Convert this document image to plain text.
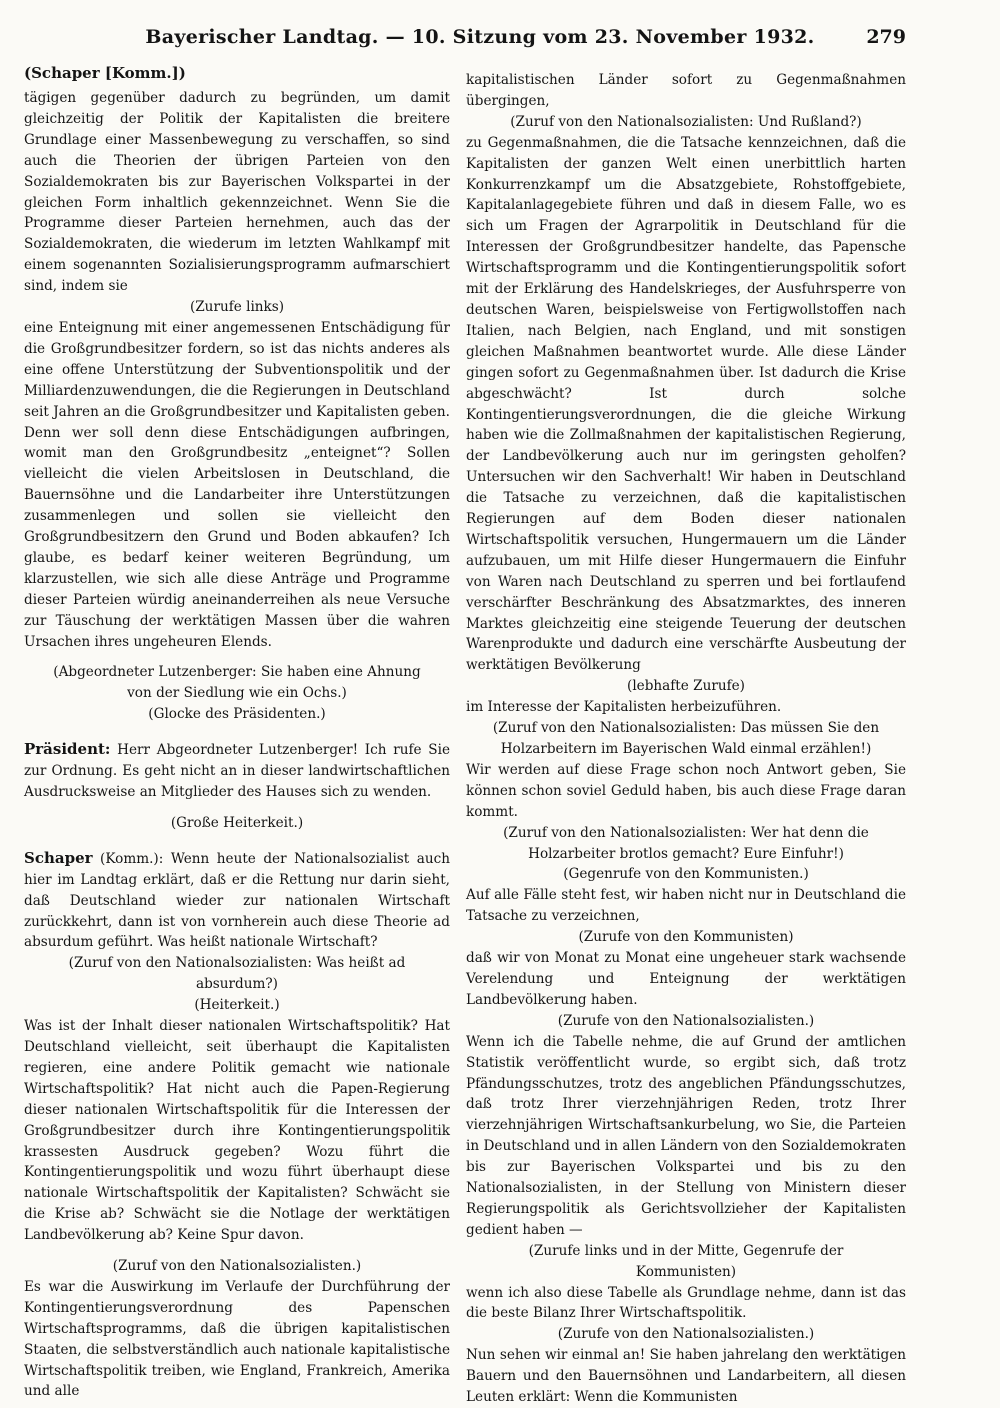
Bayerischer Landtag. — 10. Sitzung vom 23. November 1932.	279

(Schaper [Komm.])

tägigen gegenüber dadurch zu begründen, um damit gleichzeitig der Politik der Kapitalisten die breitere Grundlage einer Massenbewegung zu verschaffen, so sind auch die Theorien der übrigen Parteien von den Sozialdemokraten bis zur Bayerischen Volkspartei in der gleichen Form inhaltlich gekennzeichnet. Wenn Sie die Programme dieser Parteien hernehmen, auch das der Sozialdemokraten, die wiederum im letzten Wahlkampf mit einem sogenannten Sozialisierungsprogramm aufmarschiert sind, indem sie

(Zurufe links)

eine Enteignung mit einer angemessenen Entschädigung für die Großgrundbesitzer fordern, so ist das nichts anderes als eine offene Unterstützung der Subventionspolitik und der Milliardenzuwendungen, die die Regierungen in Deutschland seit Jahren an die Großgrundbesitzer und Kapitalisten geben. Denn wer soll denn diese Entschädigungen aufbringen, womit man den Großgrundbesitz „enteignet“? Sollen vielleicht die vielen Arbeitslosen in Deutschland, die Bauernsöhne und die Landarbeiter ihre Unterstützungen zusammenlegen und sollen sie vielleicht den Großgrundbesitzern den Grund und Boden abkaufen? Ich glaube, es bedarf keiner weiteren Begründung, um klarzustellen, wie sich alle diese Anträge und Programme dieser Parteien würdig aneinanderreihen als neue Versuche zur Täuschung der werktätigen Massen über die wahren Ursachen ihres ungeheuren Elends.

(Abgeordneter Lutzenberger: Sie haben eine Ahnung von der Siedlung wie ein Ochs.)

(Glocke des Präsidenten.)

Präsident: Herr Abgeordneter Lutzenberger! Ich rufe Sie zur Ordnung. Es geht nicht an in dieser landwirtschaftlichen Ausdrucksweise an Mitglieder des Hauses sich zu wenden.

(Große Heiterkeit.)

Schaper (Komm.): Wenn heute der Nationalsozialist auch hier im Landtag erklärt, daß er die Rettung nur darin sieht, daß Deutschland wieder zur nationalen Wirtschaft zurückkehrt, dann ist von vornherein auch diese Theorie ad absurdum geführt. Was heißt nationale Wirtschaft?

(Zuruf von den Nationalsozialisten: Was heißt ad absurdum?)

(Heiterkeit.)

Was ist der Inhalt dieser nationalen Wirtschaftspolitik? Hat Deutschland vielleicht, seit überhaupt die Kapitalisten regieren, eine andere Politik gemacht wie nationale Wirtschaftspolitik? Hat nicht auch die Papen-Regierung dieser nationalen Wirtschaftspolitik für die Interessen der Großgrundbesitzer durch ihre Kontingentierungspolitik krassesten Ausdruck gegeben? Wozu führt die Kontingentierungspolitik und wozu führt überhaupt diese nationale Wirtschaftspolitik der Kapitalisten? Schwächt sie die Krise ab? Schwächt sie die Notlage der werktätigen Landbevölkerung ab? Keine Spur davon.

(Zuruf von den Nationalsozialisten.)

Es war die Auswirkung im Verlaufe der Durchführung der Kontingentierungsverordnung des Papenschen Wirtschaftsprogramms, daß die übrigen kapitalistischen Staaten, die selbstverständlich auch nationale kapitalistische Wirtschaftspolitik treiben, wie England, Frankreich, Amerika und alle

kapitalistischen Länder sofort zu Gegenmaßnahmen übergingen,

(Zuruf von den Nationalsozialisten: Und Rußland?)

zu Gegenmaßnahmen, die die Tatsache kennzeichnen, daß die Kapitalisten der ganzen Welt einen unerbittlich harten Konkurrenzkampf um die Absatzgebiete, Rohstoffgebiete, Kapitalanlagegebiete führen und daß in diesem Falle, wo es sich um Fragen der Agrarpolitik in Deutschland für die Interessen der Großgrundbesitzer handelte, das Papensche Wirtschaftsprogramm und die Kontingentierungspolitik sofort mit der Erklärung des Handelskrieges, der Ausfuhrsperre von deutschen Waren, beispielsweise von Fertigwollstoffen nach Italien, nach Belgien, nach England, und mit sonstigen gleichen Maßnahmen beantwortet wurde. Alle diese Länder gingen sofort zu Gegenmaßnahmen über. Ist dadurch die Krise abgeschwächt? Ist durch solche Kontingentierungsverordnungen, die die gleiche Wirkung haben wie die Zollmaßnahmen der kapitalistischen Regierung, der Landbevölkerung auch nur im geringsten geholfen? Untersuchen wir den Sachverhalt! Wir haben in Deutschland die Tatsache zu verzeichnen, daß die kapitalistischen Regierungen auf dem Boden dieser nationalen Wirtschaftspolitik versuchen, Hungermauern um die Länder aufzubauen, um mit Hilfe dieser Hungermauern die Einfuhr von Waren nach Deutschland zu sperren und bei fortlaufend verschärfter Beschränkung des Absatzmarktes, des inneren Marktes gleichzeitig eine steigende Teuerung der deutschen Warenprodukte und dadurch eine verschärfte Ausbeutung der werktätigen Bevölkerung

(lebhafte Zurufe)

im Interesse der Kapitalisten herbeizuführen.

(Zuruf von den Nationalsozialisten: Das müssen Sie den Holzarbeitern im Bayerischen Wald einmal erzählen!)

Wir werden auf diese Frage schon noch Antwort geben, Sie können schon soviel Geduld haben, bis auch diese Frage daran kommt.

(Zuruf von den Nationalsozialisten: Wer hat denn die Holzarbeiter brotlos gemacht? Eure Einfuhr!)

(Gegenrufe von den Kommunisten.)

Auf alle Fälle steht fest, wir haben nicht nur in Deutschland die Tatsache zu verzeichnen,

(Zurufe von den Kommunisten)

daß wir von Monat zu Monat eine ungeheuer stark wachsende Verelendung und Enteignung der werktätigen Landbevölkerung haben.

(Zurufe von den Nationalsozialisten.)

Wenn ich die Tabelle nehme, die auf Grund der amtlichen Statistik veröffentlicht wurde, so ergibt sich, daß trotz Pfändungsschutzes, trotz des angeblichen Pfändungsschutzes, daß trotz Ihrer vierzehnjährigen Reden, trotz Ihrer vierzehnjährigen Wirtschaftsankurbelung, wo Sie, die Parteien in Deutschland und in allen Ländern von den Sozialdemokraten bis zur Bayerischen Volkspartei und bis zu den Nationalsozialisten, in der Stellung von Ministern dieser Regierungspolitik als Gerichtsvollzieher der Kapitalisten gedient haben —

(Zurufe links und in der Mitte, Gegenrufe der Kommunisten)

wenn ich also diese Tabelle als Grundlage nehme, dann ist das die beste Bilanz Ihrer Wirtschaftspolitik.

(Zurufe von den Nationalsozialisten.)

Nun sehen wir einmal an! Sie haben jahrelang den werktätigen Bauern und den Bauernsöhnen und Landarbeitern, all diesen Leuten erklärt: Wenn die Kommunisten
